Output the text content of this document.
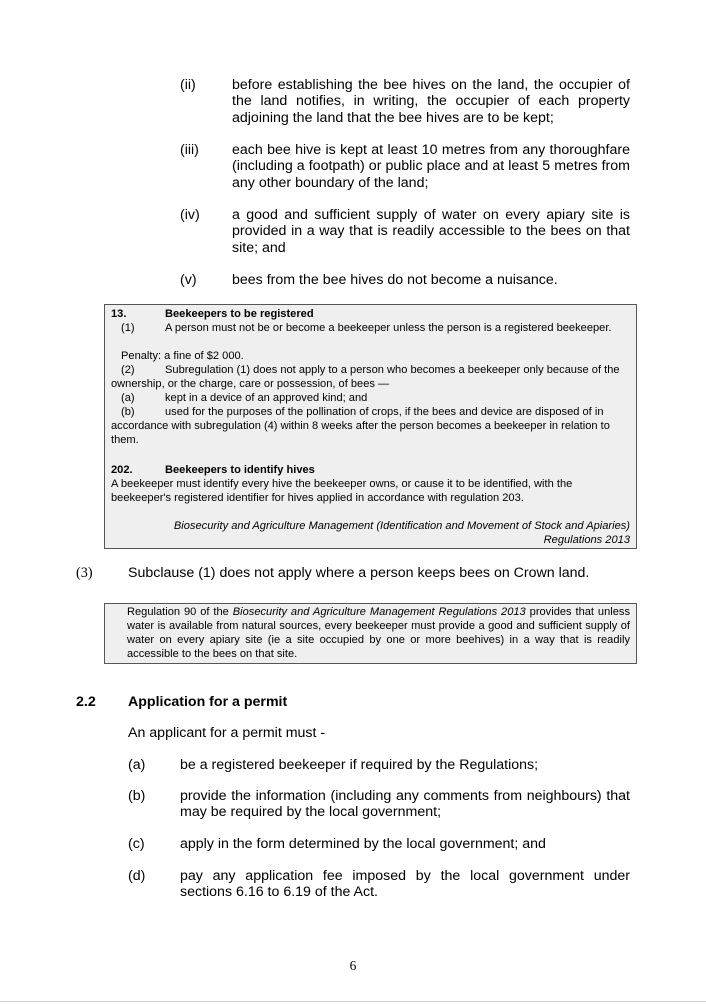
(ii)	before establishing the bee hives on the land, the occupier of the land notifies, in writing, the occupier of each property adjoining the land that the bee hives are to be kept;
(iii) each bee hive is kept at least 10 metres from any thoroughfare (including a footpath) or public place and at least 5 metres from any other boundary of the land;
(iv) a good and sufficient supply of water on every apiary site is provided in a way that is readily accessible to the bees on that site; and
(v) bees from the bee hives do not become a nuisance.
13.	Beekeepers to be registered
(1)	A person must not be or become a beekeeper unless the person is a registered beekeeper.
Penalty: a fine of $2 000.
(2)	Subregulation (1) does not apply to a person who becomes a beekeeper only because of the ownership, or the charge, care or possession, of bees —
(a)	kept in a device of an approved kind; and
(b)	used for the purposes of the pollination of crops, if the bees and device are disposed of in accordance with subregulation (4) within 8 weeks after the person becomes a beekeeper in relation to them.
202.	Beekeepers to identify hives
A beekeeper must identify every hive the beekeeper owns, or cause it to be identified, with the beekeeper's registered identifier for hives applied in accordance with regulation 203.
Biosecurity and Agriculture Management (Identification and Movement of Stock and Apiaries)
Regulations 2013
(3) Subclause (1) does not apply where a person keeps bees on Crown land.
Regulation 90 of the Biosecurity and Agriculture Management Regulations 2013 provides that unless water is available from natural sources, every beekeeper must provide a good and sufficient supply of water on every apiary site (ie a site occupied by one or more beehives) in a way that is readily accessible to the bees on that site.
2.2 Application for a permit
An applicant for a permit must -
(a) be a registered beekeeper if required by the Regulations;
(b) provide the information (including any comments from neighbours) that may be required by the local government;
(c) apply in the form determined by the local government; and
(d) pay any application fee imposed by the local government under sections 6.16 to 6.19 of the Act.
6
